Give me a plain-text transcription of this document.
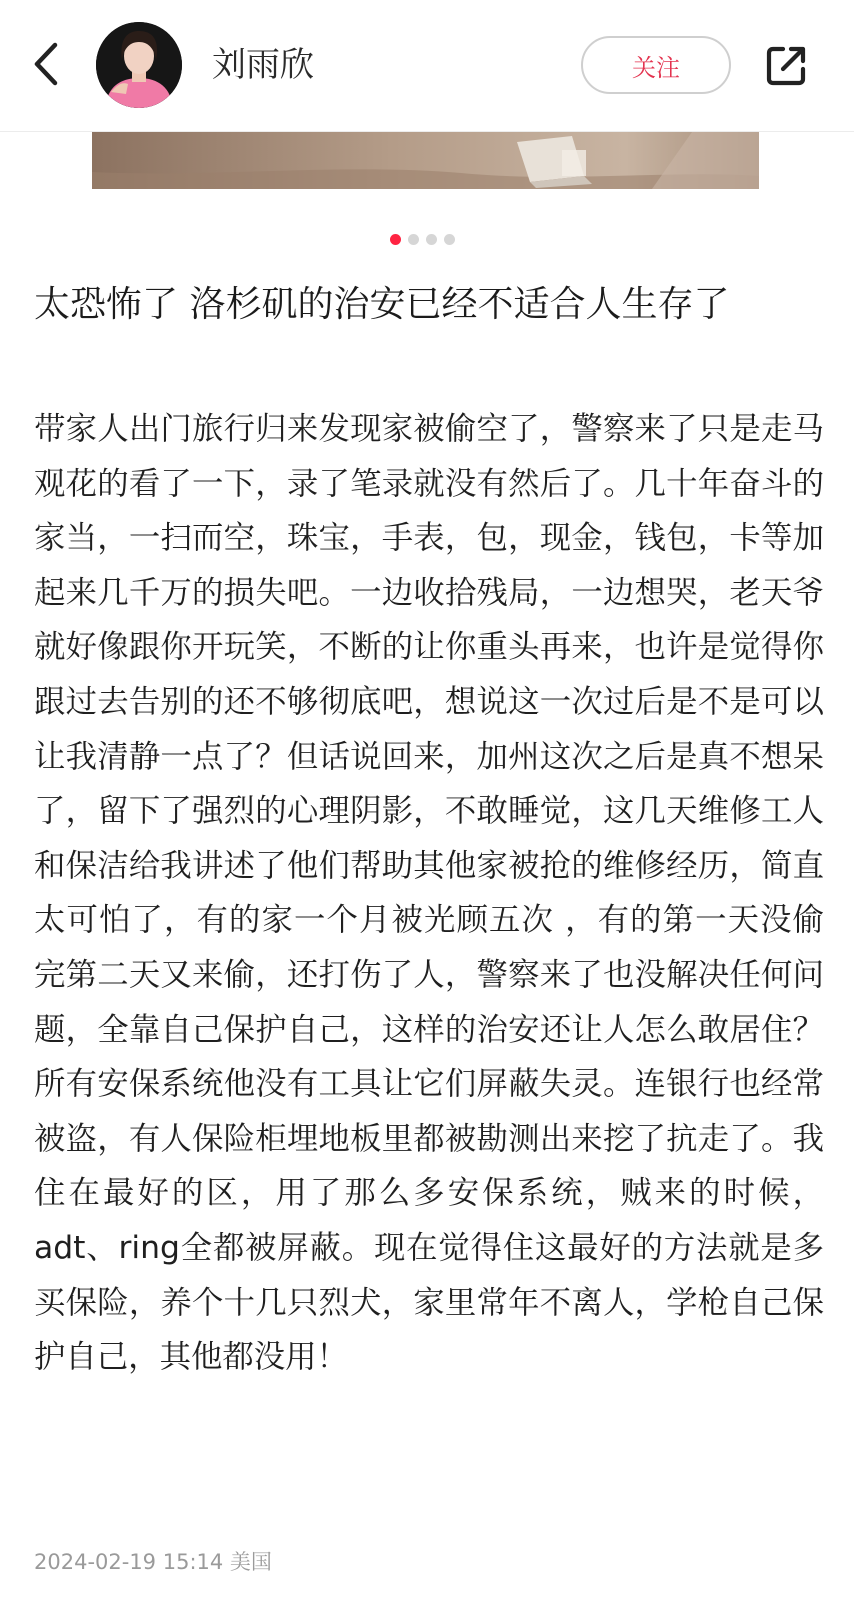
刘雨欣	关注
太恐怖了 洛杉矶的治安已经不适合人生存了

带家人出门旅行归来发现家被偷空了，警察来了只是走马观花的看了一下，录了笔录就没有然后了。几十年奋斗的家当，一扫而空，珠宝，手表，包，现金，钱包，卡等加起来几千万的损失吧。一边收拾残局，一边想哭，老天爷就好像跟你开玩笑，不断的让你重头再来，也许是觉得你跟过去告别的还不够彻底吧，想说这一次过后是不是可以让我清静一点了？但话说回来，加州这次之后是真不想呆了，留下了强烈的心理阴影，不敢睡觉，这几天维修工人和保洁给我讲述了他们帮助其他家被抢的维修经历，简直太可怕了，有的家一个月被光顾五次 ，有的第一天没偷完第二天又来偷，还打伤了人，警察来了也没解决任何问题，全靠自己保护自己，这样的治安还让人怎么敢居住？所有安保系统他没有工具让它们屏蔽失灵。连银行也经常被盗，有人保险柜埋地板里都被勘测出来挖了抗走了。我住在最好的区，用了那么多安保系统，贼来的时候，adt、ring全都被屏蔽。现在觉得住这最好的方法就是多买保险，养个十几只烈犬，家里常年不离人，学枪自己保护自己，其他都没用！

2024-02-19 15:14 美国
